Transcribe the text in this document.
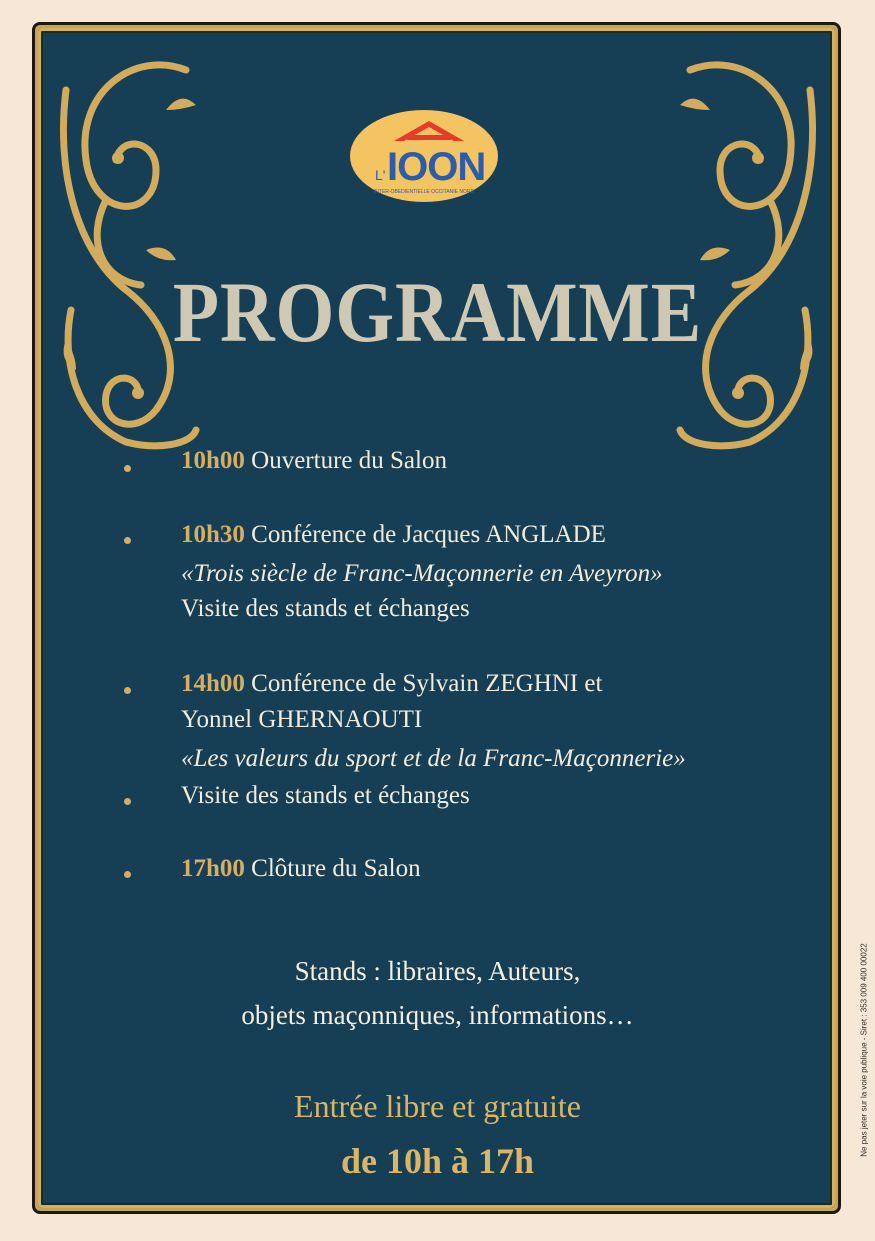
L' IOON
INTER-OBEDIENTIELLE OCCITANIE NORD
PROGRAMME
10h00 Ouverture du Salon
10h30 Conférence de Jacques ANGLADE
«Trois siècle de Franc-Maçonnerie en Aveyron»
Visite des stands et échanges
14h00 Conférence de Sylvain ZEGHNI et
Yonnel GHERNAOUTI
«Les valeurs du sport et de la Franc-Maçonnerie»
Visite des stands et échanges
17h00 Clôture du Salon
Stands : libraires, Auteurs,
objets maçonniques, informations…
Entrée libre et gratuite
de 10h à 17h
Ne pas jeter sur la voie publique - Siret : 353 009 400 00022
